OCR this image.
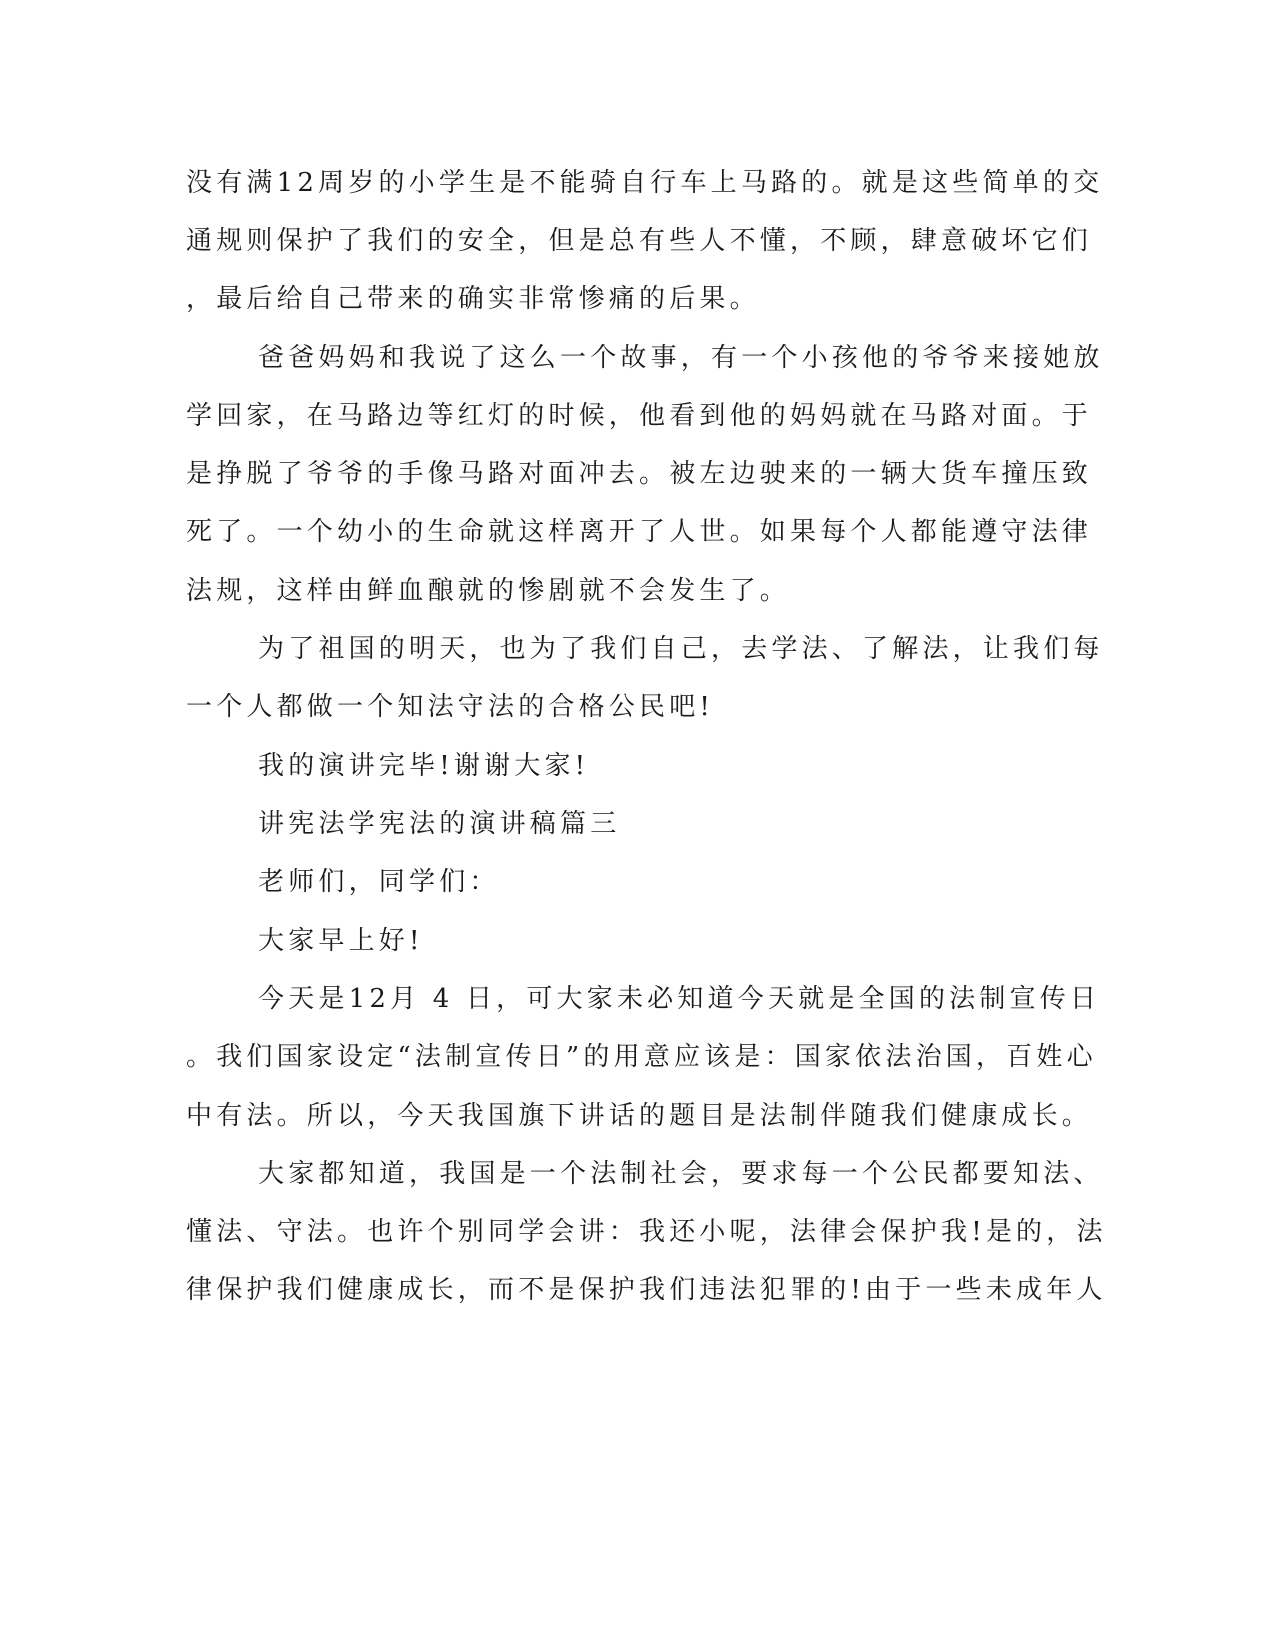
没有满12周岁的小学生是不能骑自行车上马路的。就是这些简单的交
通规则保护了我们的安全，但是总有些人不懂，不顾，肆意破坏它们
，最后给自己带来的确实非常惨痛的后果。
爸爸妈妈和我说了这么一个故事，有一个小孩他的爷爷来接她放
学回家，在马路边等红灯的时候，他看到他的妈妈就在马路对面。于
是挣脱了爷爷的手像马路对面冲去。被左边驶来的一辆大货车撞压致
死了。一个幼小的生命就这样离开了人世。如果每个人都能遵守法律
法规，这样由鲜血酿就的惨剧就不会发生了。
为了祖国的明天，也为了我们自己，去学法、了解法，让我们每
一个人都做一个知法守法的合格公民吧!
我的演讲完毕!谢谢大家!
讲宪法学宪法的演讲稿篇三
老师们，同学们：
大家早上好!
今天是12月 4 日，可大家未必知道今天就是全国的法制宣传日
。我们国家设定“法制宣传日”的用意应该是：国家依法治国，百姓心
中有法。所以，今天我国旗下讲话的题目是法制伴随我们健康成长。
大家都知道，我国是一个法制社会，要求每一个公民都要知法、
懂法、守法。也许个别同学会讲：我还小呢，法律会保护我!是的，法
律保护我们健康成长，而不是保护我们违法犯罪的!由于一些未成年人
